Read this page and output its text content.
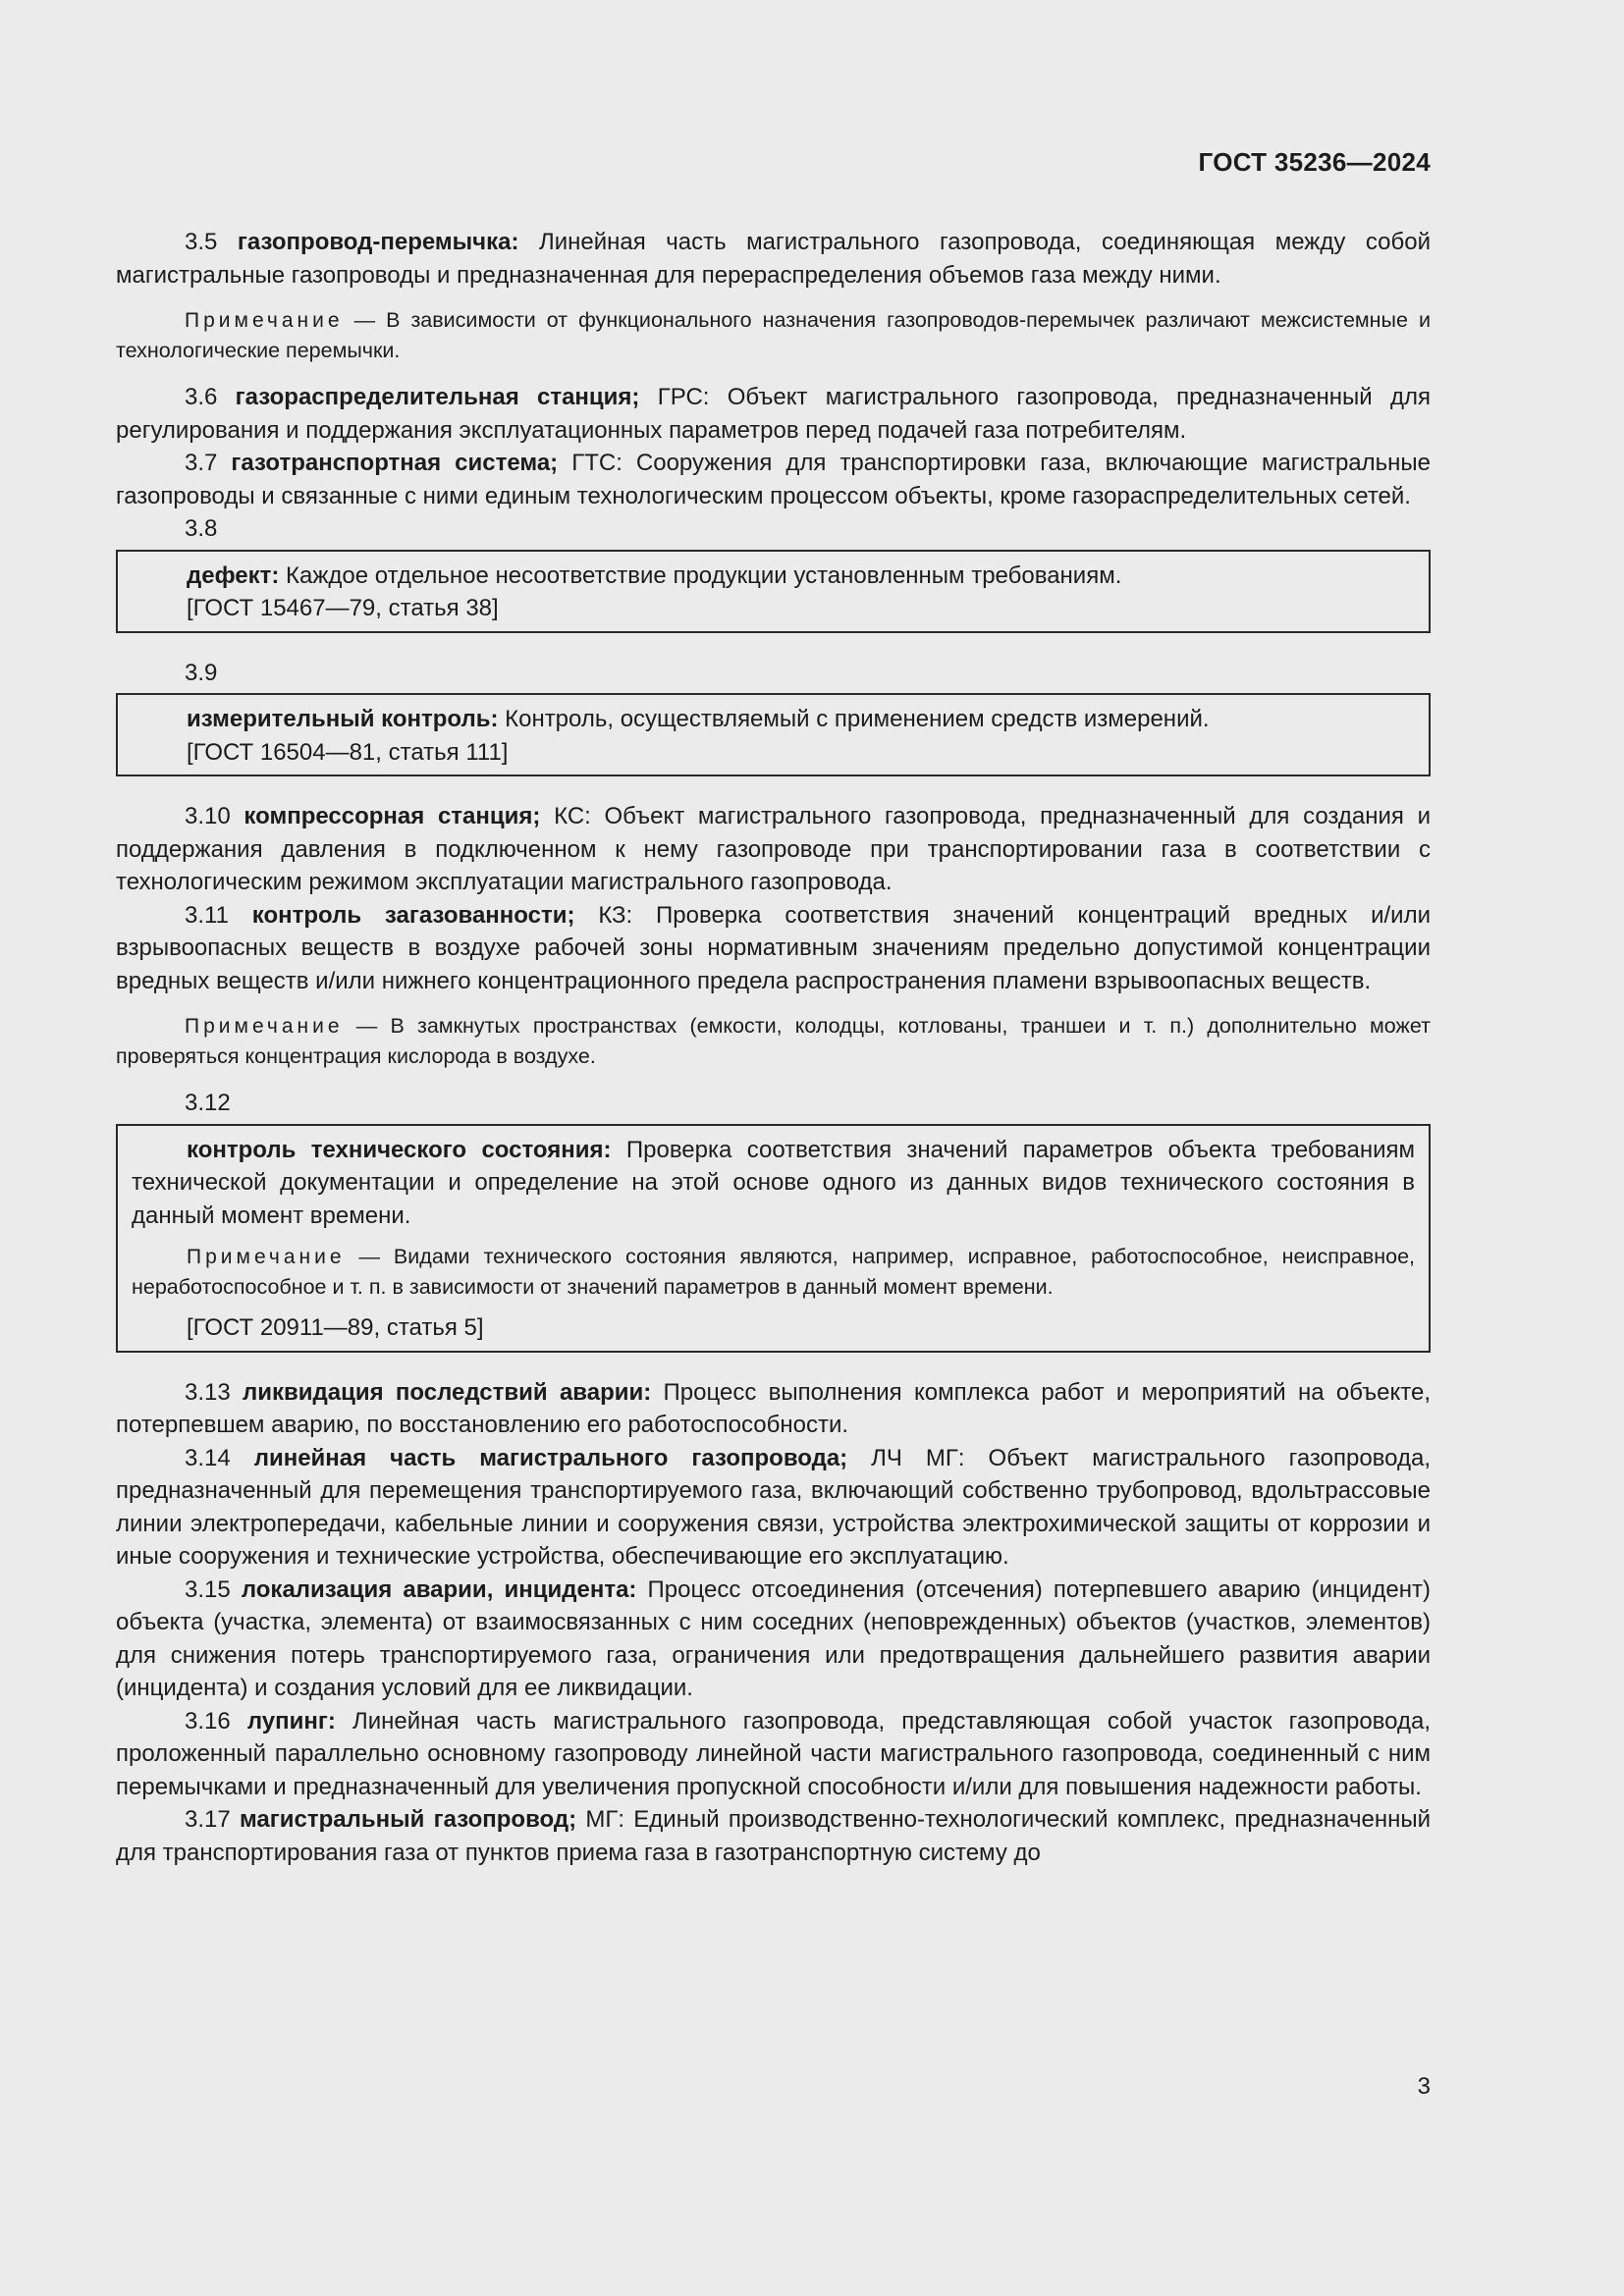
ГОСТ 35236—2024

3.5 газопровод-перемычка: Линейная часть магистрального газопровода, соединяющая между собой магистральные газопроводы и предназначенная для перераспределения объемов газа между ними.

Примечание — В зависимости от функционального назначения газопроводов-перемычек различают межсистемные и технологические перемычки.

3.6 газораспределительная станция; ГРС: Объект магистрального газопровода, предназначенный для регулирования и поддержания эксплуатационных параметров перед подачей газа потребителям.

3.7 газотранспортная система; ГТС: Сооружения для транспортировки газа, включающие магистральные газопроводы и связанные с ними единым технологическим процессом объекты, кроме газораспределительных сетей.

3.8

дефект: Каждое отдельное несоответствие продукции установленным требованиям.

[ГОСТ 15467—79, статья 38]

3.9

измерительный контроль: Контроль, осуществляемый с применением средств измерений.

[ГОСТ 16504—81, статья 111]

3.10 компрессорная станция; КС: Объект магистрального газопровода, предназначенный для создания и поддержания давления в подключенном к нему газопроводе при транспортировании газа в соответствии с технологическим режимом эксплуатации магистрального газопровода.

3.11 контроль загазованности; КЗ: Проверка соответствия значений концентраций вредных и/или взрывоопасных веществ в воздухе рабочей зоны нормативным значениям предельно допустимой концентрации вредных веществ и/или нижнего концентрационного предела распространения пламени взрывоопасных веществ.

Примечание — В замкнутых пространствах (емкости, колодцы, котлованы, траншеи и т. п.) дополнительно может проверяться концентрация кислорода в воздухе.

3.12

контроль технического состояния: Проверка соответствия значений параметров объекта требованиям технической документации и определение на этой основе одного из данных видов технического состояния в данный момент времени.

Примечание — Видами технического состояния являются, например, исправное, работоспособное, неисправное, неработоспособное и т. п. в зависимости от значений параметров в данный момент времени.

[ГОСТ 20911—89, статья 5]

3.13 ликвидация последствий аварии: Процесс выполнения комплекса работ и мероприятий на объекте, потерпевшем аварию, по восстановлению его работоспособности.

3.14 линейная часть магистрального газопровода; ЛЧ МГ: Объект магистрального газопровода, предназначенный для перемещения транспортируемого газа, включающий собственно трубопровод, вдольтрассовые линии электропередачи, кабельные линии и сооружения связи, устройства электрохимической защиты от коррозии и иные сооружения и технические устройства, обеспечивающие его эксплуатацию.

3.15 локализация аварии, инцидента: Процесс отсоединения (отсечения) потерпевшего аварию (инцидент) объекта (участка, элемента) от взаимосвязанных с ним соседних (неповрежденных) объектов (участков, элементов) для снижения потерь транспортируемого газа, ограничения или предотвращения дальнейшего развития аварии (инцидента) и создания условий для ее ликвидации.

3.16 лупинг: Линейная часть магистрального газопровода, представляющая собой участок газопровода, проложенный параллельно основному газопроводу линейной части магистрального газопровода, соединенный с ним перемычками и предназначенный для увеличения пропускной способности и/или для повышения надежности работы.

3.17 магистральный газопровод; МГ: Единый производственно-технологический комплекс, предназначенный для транспортирования газа от пунктов приема газа в газотранспортную систему до

3
